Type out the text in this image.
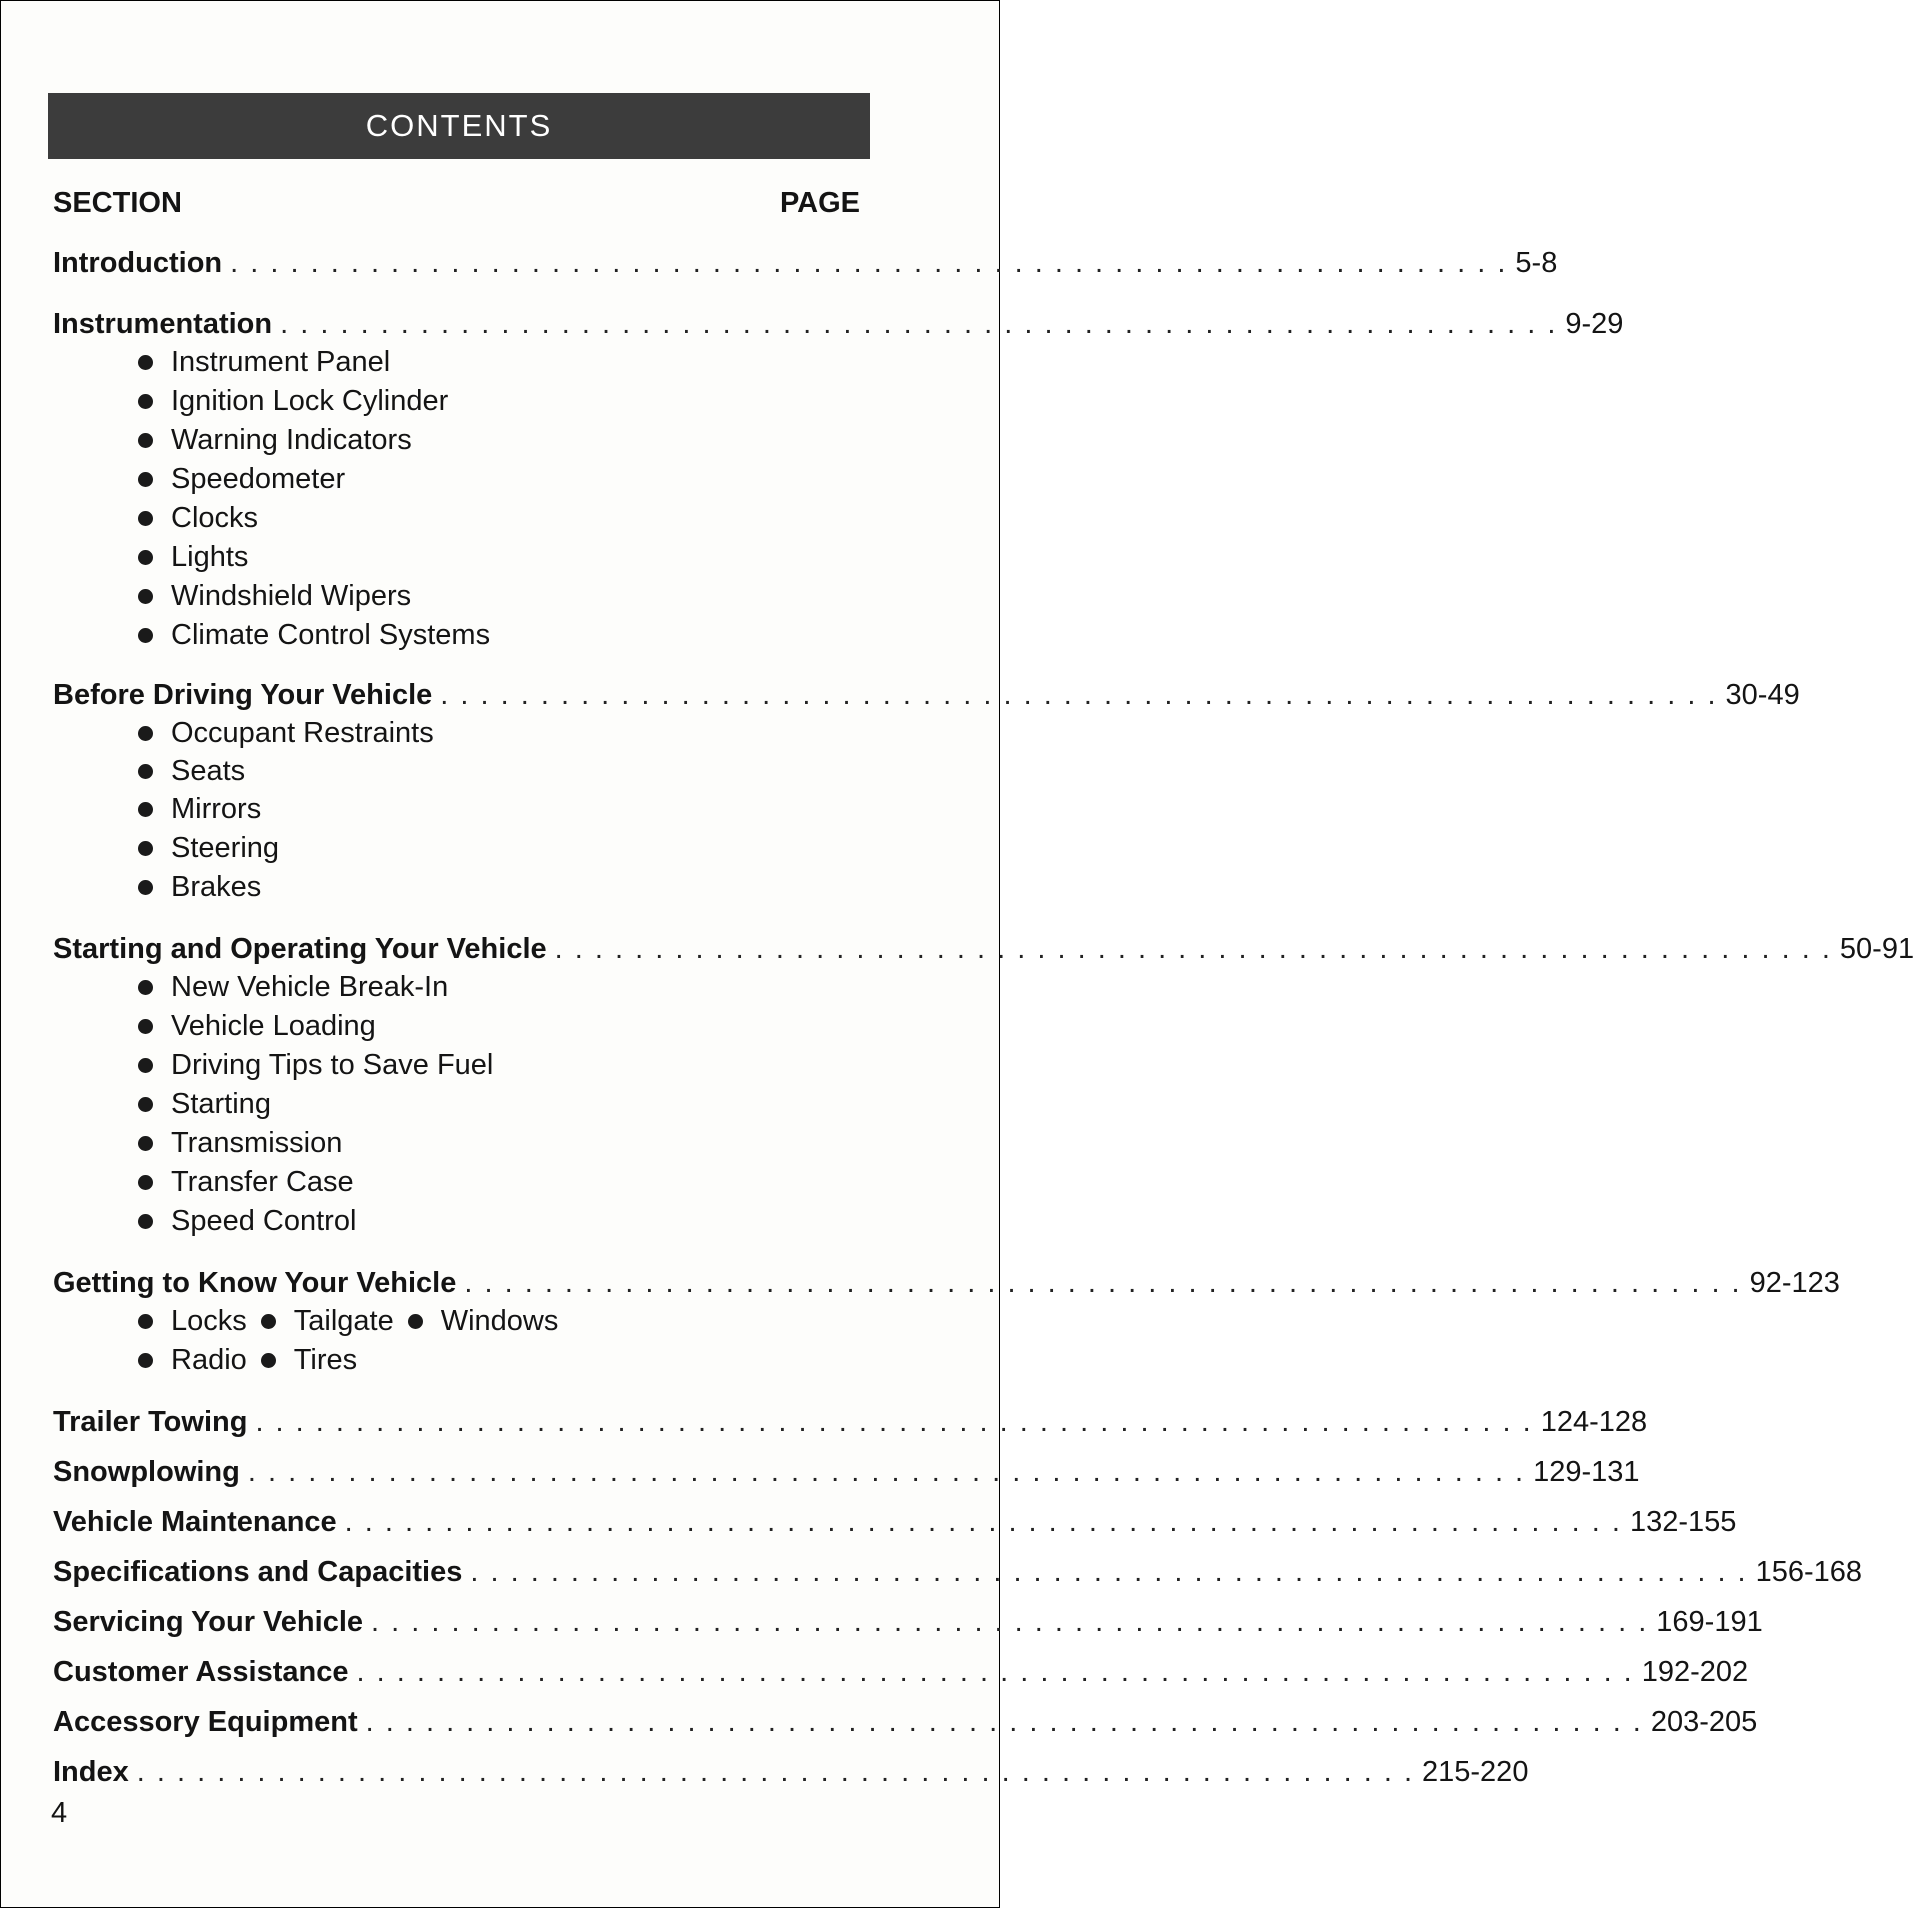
CONTENTS
SECTION	PAGE
Introduction . . . . . . . . . . . . . . . . . . . . . . . . . . . . . . . . . . . . . . . . . . . . . . . . . . . . . . . . . . . . . . . . 5-8
Instrumentation . . . . . . . . . . . . . . . . . . . . . . . . . . . . . . . . . . . . . . . . . . . . . . . . . . . . . . . . . . . . . . . . 9-29
Instrument Panel
Ignition Lock Cylinder
Warning Indicators
Speedometer
Clocks
Lights
Windshield Wipers
Climate Control Systems
Before Driving Your Vehicle . . . . . . . . . . . . . . . . . . . . . . . . . . . . . . . . . . . . . . . . . . . . . . . . . . . . . . . . . . . . . . . . 30-49
Occupant Restraints
Seats
Mirrors
Steering
Brakes
Starting and Operating Your Vehicle . . . . . . . . . . . . . . . . . . . . . . . . . . . . . . . . . . . . . . . . . . . . . . . . . . . . . . . . . . . . . . . . 50-91
New Vehicle Break-In
Vehicle Loading
Driving Tips to Save Fuel
Starting
Transmission
Transfer Case
Speed Control
Getting to Know Your Vehicle . . . . . . . . . . . . . . . . . . . . . . . . . . . . . . . . . . . . . . . . . . . . . . . . . . . . . . . . . . . . . . . . 92-123
Locks Tailgate Windows
Radio Tires
Trailer Towing . . . . . . . . . . . . . . . . . . . . . . . . . . . . . . . . . . . . . . . . . . . . . . . . . . . . . . . . . . . . . . . . 124-128
Snowplowing . . . . . . . . . . . . . . . . . . . . . . . . . . . . . . . . . . . . . . . . . . . . . . . . . . . . . . . . . . . . . . . . 129-131
Vehicle Maintenance . . . . . . . . . . . . . . . . . . . . . . . . . . . . . . . . . . . . . . . . . . . . . . . . . . . . . . . . . . . . . . . . 132-155
Specifications and Capacities . . . . . . . . . . . . . . . . . . . . . . . . . . . . . . . . . . . . . . . . . . . . . . . . . . . . . . . . . . . . . . . . 156-168
Servicing Your Vehicle . . . . . . . . . . . . . . . . . . . . . . . . . . . . . . . . . . . . . . . . . . . . . . . . . . . . . . . . . . . . . . . . 169-191
Customer Assistance . . . . . . . . . . . . . . . . . . . . . . . . . . . . . . . . . . . . . . . . . . . . . . . . . . . . . . . . . . . . . . . . 192-202
Accessory Equipment . . . . . . . . . . . . . . . . . . . . . . . . . . . . . . . . . . . . . . . . . . . . . . . . . . . . . . . . . . . . . . . . 203-205
Index . . . . . . . . . . . . . . . . . . . . . . . . . . . . . . . . . . . . . . . . . . . . . . . . . . . . . . . . . . . . . . . . 215-220
4
